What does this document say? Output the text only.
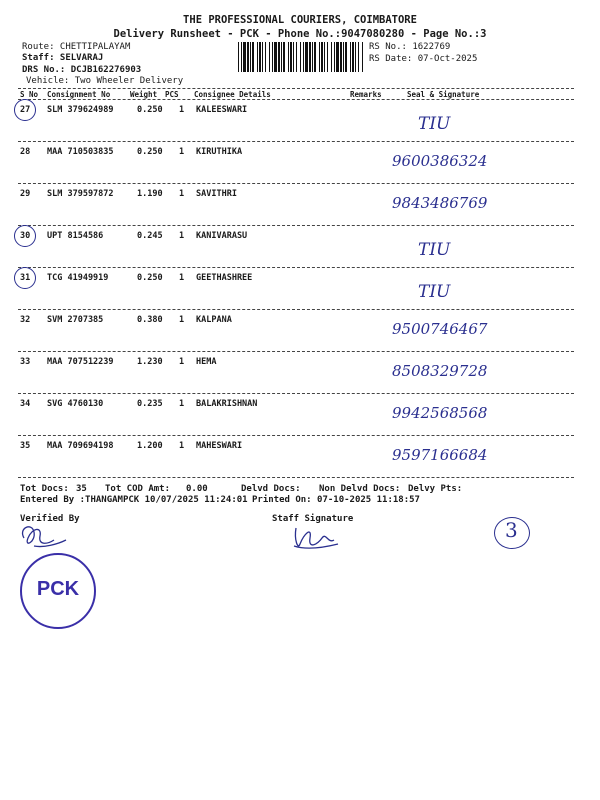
THE PROFESSIONAL COURIERS, COIMBATORE
Delivery Runsheet - PCK - Phone No.:9047080280 - Page No.:3
Route: CHETTIPALAYAM
Staff: SELVARAJ
DRS No.: DCJB162276903
Vehicle: Two Wheeler Delivery
RS No.: 1622769
RS Date: 07-Oct-2025
S No Consignment No	Weight PCS Consignee Details	Remarks	Seal & Signature
27 SLM 379624989	0.250 1 KALEESWARI
TIU
28 MAA 710503835	0.250 1 KIRUTHIKA	9600386324
29 SLM 379597872	1.190 1 SAVITHRI	9843486769
30 UPT 8154586	0.245 1 KANIVARASU
TIU
31 TCG 41949919	0.250 1 GEETHASHREE
TIU
32 SVM 2707385	0.380 1 KALPANA	9500746467
33 MAA 707512239	1.230 1 HEMA	8508329728
34 SVG 4760130	0.235 1 BALAKRISHNAN	9942568568
35 MAA 709694198	1.200 1 MAHESWARI	9597166684
Tot Docs: 35 Tot COD Amt: 0.00	Delvd Docs: Non Delvd Docs: Delvy Pts:
Entered By :THANGAMPCK 10/07/2025 11:24:01 Printed On: 07-10-2025 11:18:57
Verified By	Staff Signature	3
PCK
